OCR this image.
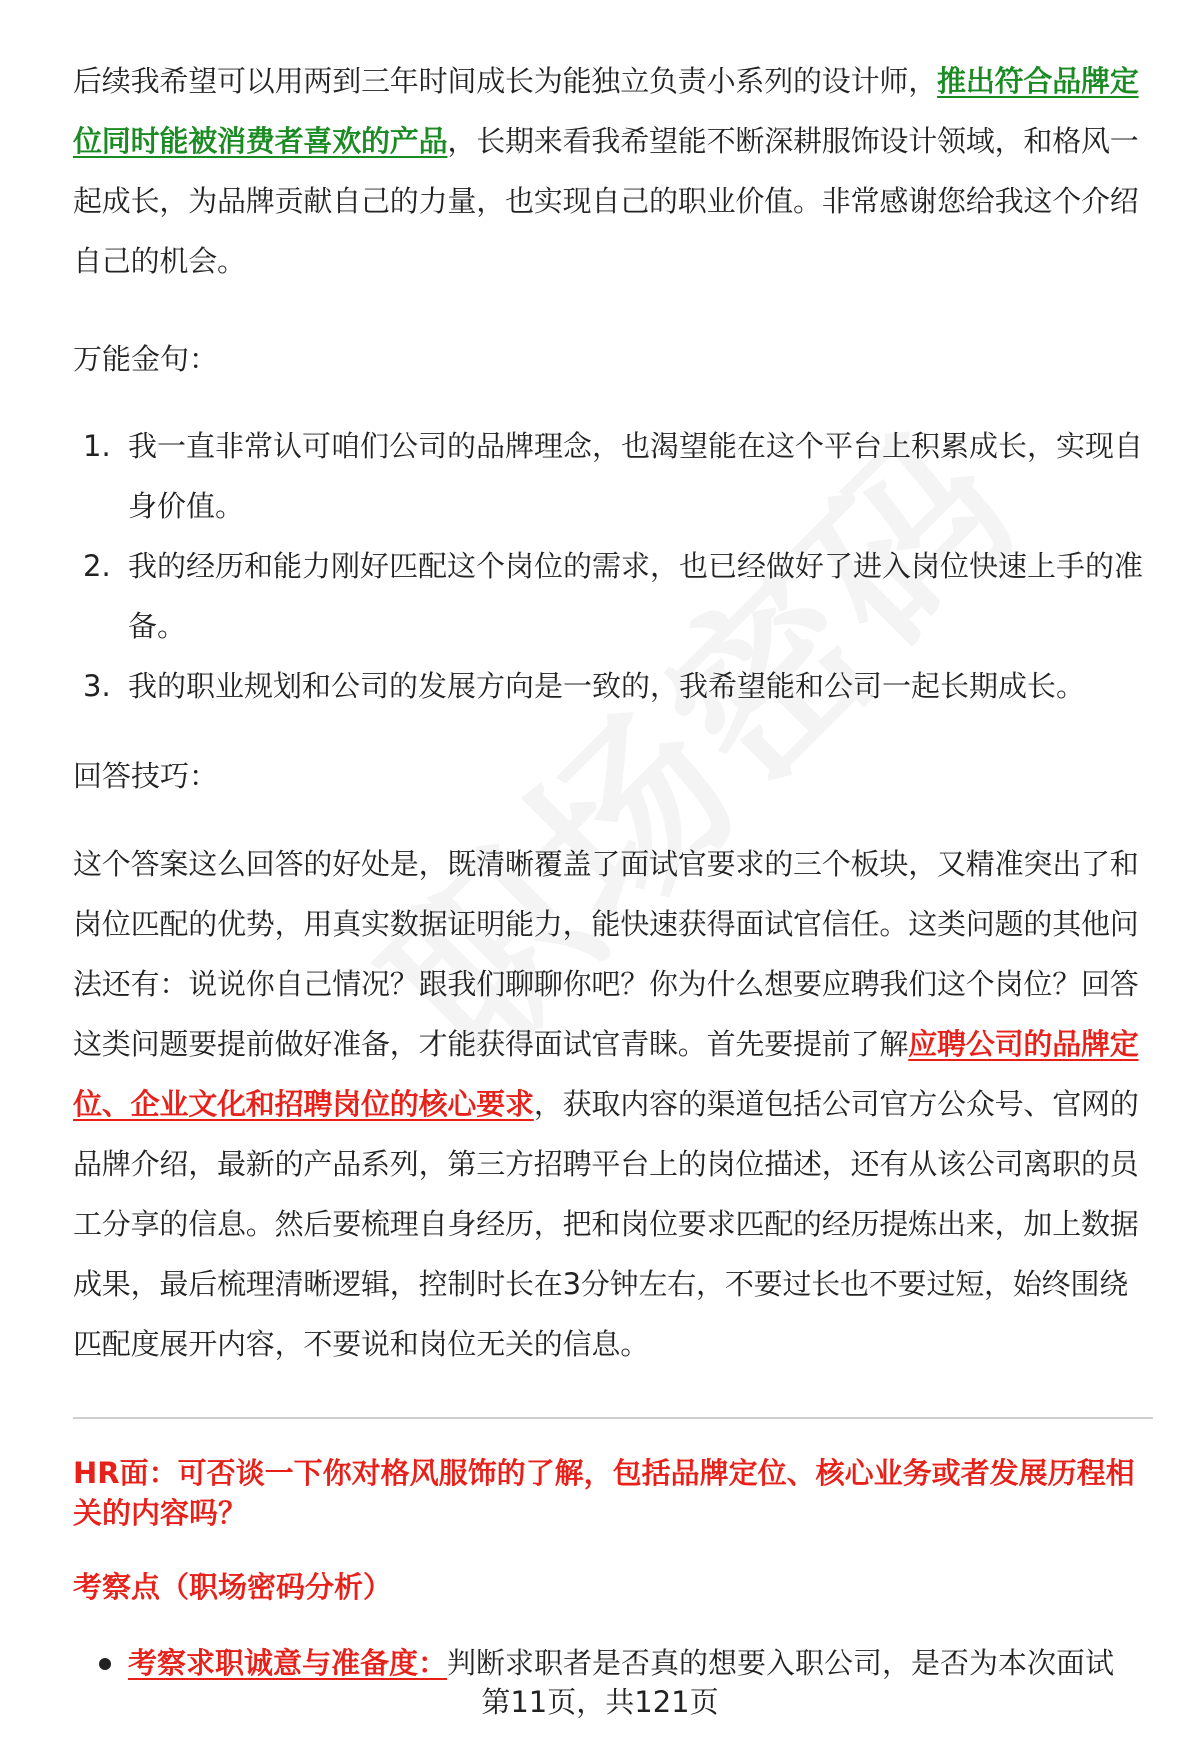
后续我希望可以用两到三年时间成长为能独立负责小系列的设计师，推出符合品牌定位同时能被消费者喜欢的产品，长期来看我希望能不断深耕服饰设计领域，和格风一起成长，为品牌贡献自己的力量，也实现自己的职业价值。非常感谢您给我这个介绍自己的机会。

万能金句：

1. 我一直非常认可咱们公司的品牌理念，也渴望能在这个平台上积累成长，实现自身价值。
2. 我的经历和能力刚好匹配这个岗位的需求，也已经做好了进入岗位快速上手的准备。
3. 我的职业规划和公司的发展方向是一致的，我希望能和公司一起长期成长。

回答技巧：

这个答案这么回答的好处是，既清晰覆盖了面试官要求的三个板块，又精准突出了和岗位匹配的优势，用真实数据证明能力，能快速获得面试官信任。这类问题的其他问法还有：说说你自己情况？跟我们聊聊你吧？你为什么想要应聘我们这个岗位？回答这类问题要提前做好准备，才能获得面试官青睐。首先要提前了解应聘公司的品牌定位、企业文化和招聘岗位的核心要求，获取内容的渠道包括公司官方公众号、官网的品牌介绍，最新的产品系列，第三方招聘平台上的岗位描述，还有从该公司离职的员工分享的信息。然后要梳理自身经历，把和岗位要求匹配的经历提炼出来，加上数据成果，最后梳理清晰逻辑，控制时长在3分钟左右，不要过长也不要过短，始终围绕匹配度展开内容，不要说和岗位无关的信息。

HR面：可否谈一下你对格风服饰的了解，包括品牌定位、核心业务或者发展历程相关的内容吗？

考察点（职场密码分析）

考察求职诚意与准备度：判断求职者是否真的想要入职公司，是否为本次面试

第11页，共121页
